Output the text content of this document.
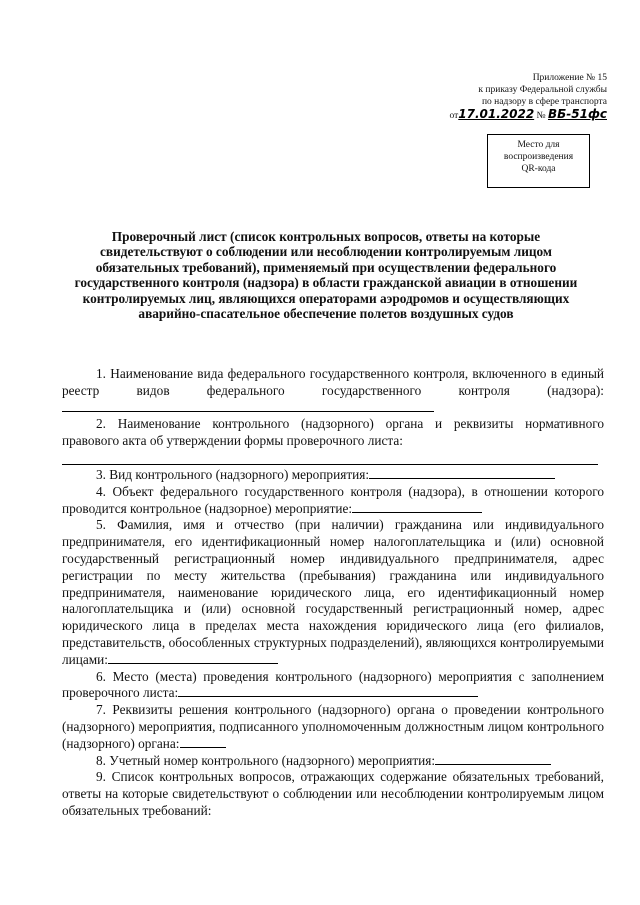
Приложение № 15
к приказу Федеральной службы
по надзору в сфере транспорта
от17.01.2022 № ВБ-51фс
Место для
воспроизведения
QR-кода
Проверочный лист (список контрольных вопросов, ответы на которые свидетельствуют о соблюдении или несоблюдении контролируемым лицом обязательных требований), применяемый при осуществлении федерального государственного контроля (надзора) в области гражданской авиации в отношении контролируемых лиц, являющихся операторами аэродромов и осуществляющих аварийно-спасательное обеспечение полетов воздушных судов

1. Наименование вида федерального государственного контроля, включенного в единый реестр видов федерального государственного контроля (надзора):

2. Наименование контрольного (надзорного) органа и реквизиты нормативного правового акта об утверждении формы проверочного листа:

3. Вид контрольного (надзорного) мероприятия:

4. Объект федерального государственного контроля (надзора), в отношении которого проводится контрольное (надзорное) мероприятие:

5. Фамилия, имя и отчество (при наличии) гражданина или индивидуального предпринимателя, его идентификационный номер налогоплательщика и (или) основной государственный регистрационный номер индивидуального предпринимателя, адрес регистрации по месту жительства (пребывания) гражданина или индивидуального предпринимателя, наименование юридического лица, его идентификационный номер налогоплательщика и (или) основной государственный регистрационный номер, адрес юридического лица в пределах места нахождения юридического лица (его филиалов, представительств, обособленных структурных подразделений), являющихся контролируемыми лицами:

6. Место (места) проведения контрольного (надзорного) мероприятия с заполнением проверочного листа:

7. Реквизиты решения контрольного (надзорного) органа о проведении контрольного (надзорного) мероприятия, подписанного уполномоченным должностным лицом контрольного (надзорного) органа:

8. Учетный номер контрольного (надзорного) мероприятия:

9. Список контрольных вопросов, отражающих содержание обязательных требований, ответы на которые свидетельствуют о соблюдении или несоблюдении контролируемым лицом обязательных требований:
